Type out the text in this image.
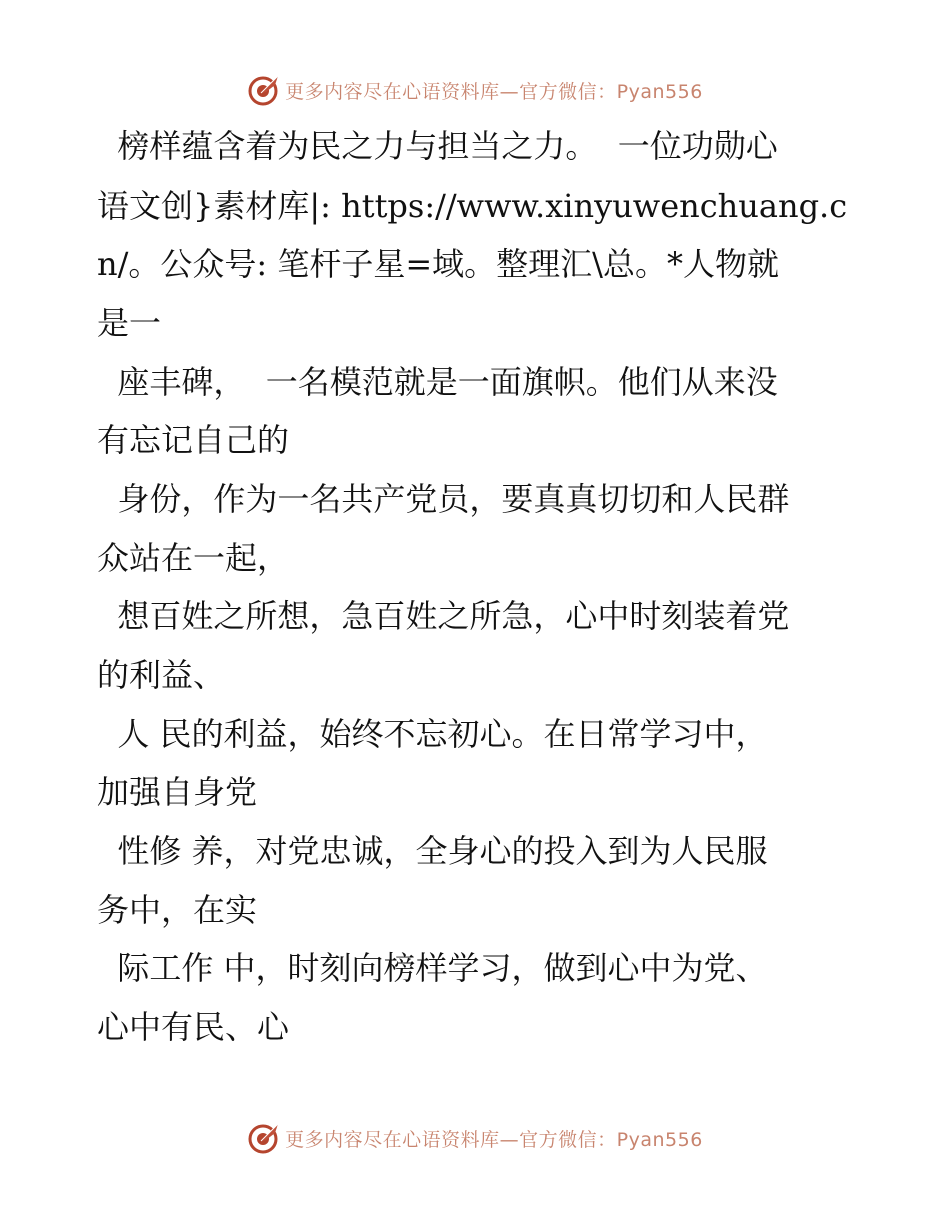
更多内容尽在心语资料库—官方微信：Pyan556
榜样蕴含着为民之力与担当之力。  一位功勋心
语文创}素材库|: https://www.xinyuwenchuang.c
n/。公众号: 笔杆子星=域。整理汇\总。*人物就
是一
座丰碑，  一名模范就是一面旗帜。他们从来没
有忘记自己的
身份，作为一名共产党员，要真真切切和人民群
众站在一起，
想百姓之所想，急百姓之所急，心中时刻装着党
的利益、
人 民的利益，始终不忘初心。在日常学习中，
加强自身党
性修 养，对党忠诚，全身心的投入到为人民服
务中，在实
际工作 中，时刻向榜样学习，做到心中为党、
心中有民、心
更多内容尽在心语资料库—官方微信：Pyan556
